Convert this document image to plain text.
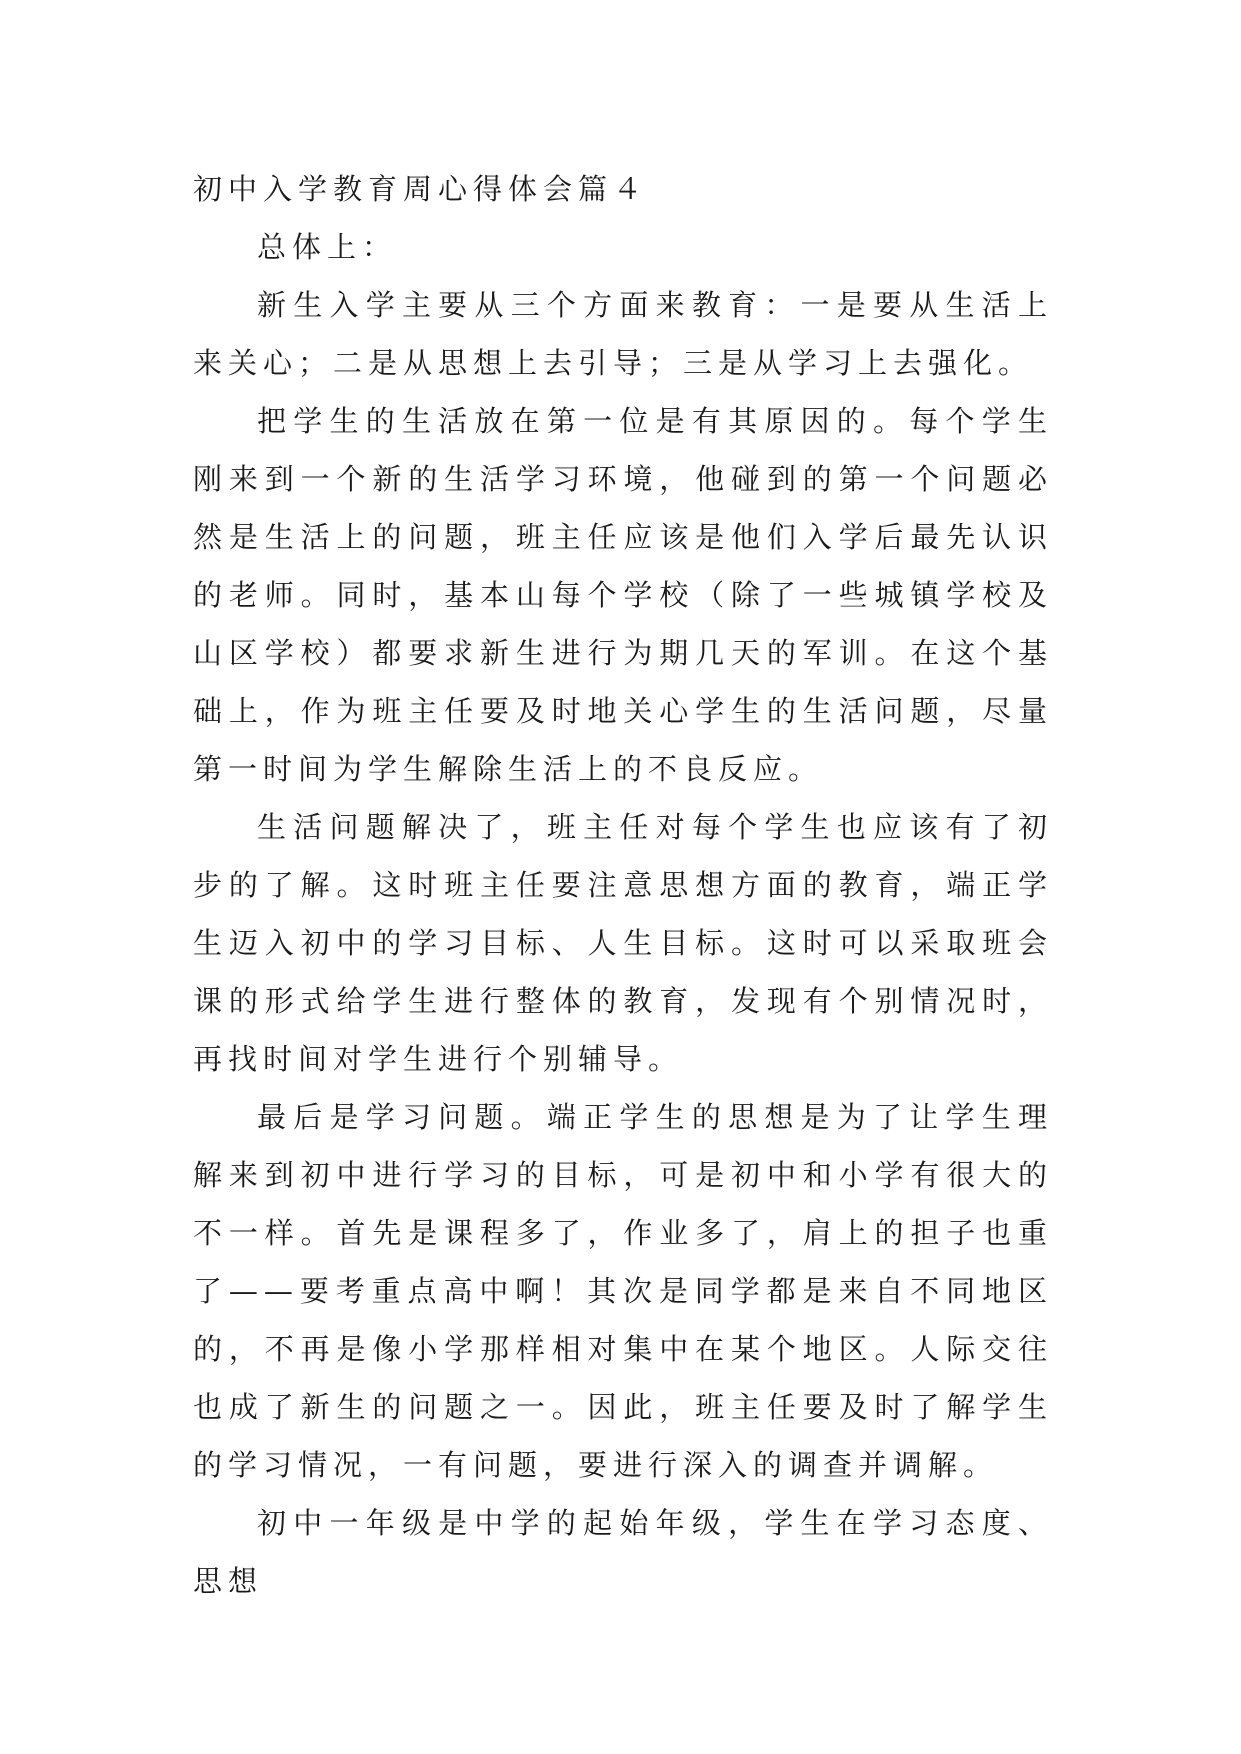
初中入学教育周心得体会篇４

总体上：

新生入学主要从三个方面来教育：一是要从生活上来关心；二是从思想上去引导；三是从学习上去强化。

把学生的生活放在第一位是有其原因的。每个学生刚来到一个新的生活学习环境，他碰到的第一个问题必然是生活上的问题，班主任应该是他们入学后最先认识的老师。同时，基本山每个学校（除了一些城镇学校及山区学校）都要求新生进行为期几天的军训。在这个基础上，作为班主任要及时地关心学生的生活问题，尽量第一时间为学生解除生活上的不良反应。

生活问题解决了，班主任对每个学生也应该有了初步的了解。这时班主任要注意思想方面的教育，端正学生迈入初中的学习目标、人生目标。这时可以采取班会课的形式给学生进行整体的教育，发现有个别情况时，再找时间对学生进行个别辅导。

最后是学习问题。端正学生的思想是为了让学生理解来到初中进行学习的目标，可是初中和小学有很大的不一样。首先是课程多了，作业多了，肩上的担子也重了——要考重点高中啊！其次是同学都是来自不同地区的，不再是像小学那样相对集中在某个地区。人际交往也成了新生的问题之一。因此，班主任要及时了解学生的学习情况，一有问题，要进行深入的调查并调解。

初中一年级是中学的起始年级，学生在学习态度、思想
